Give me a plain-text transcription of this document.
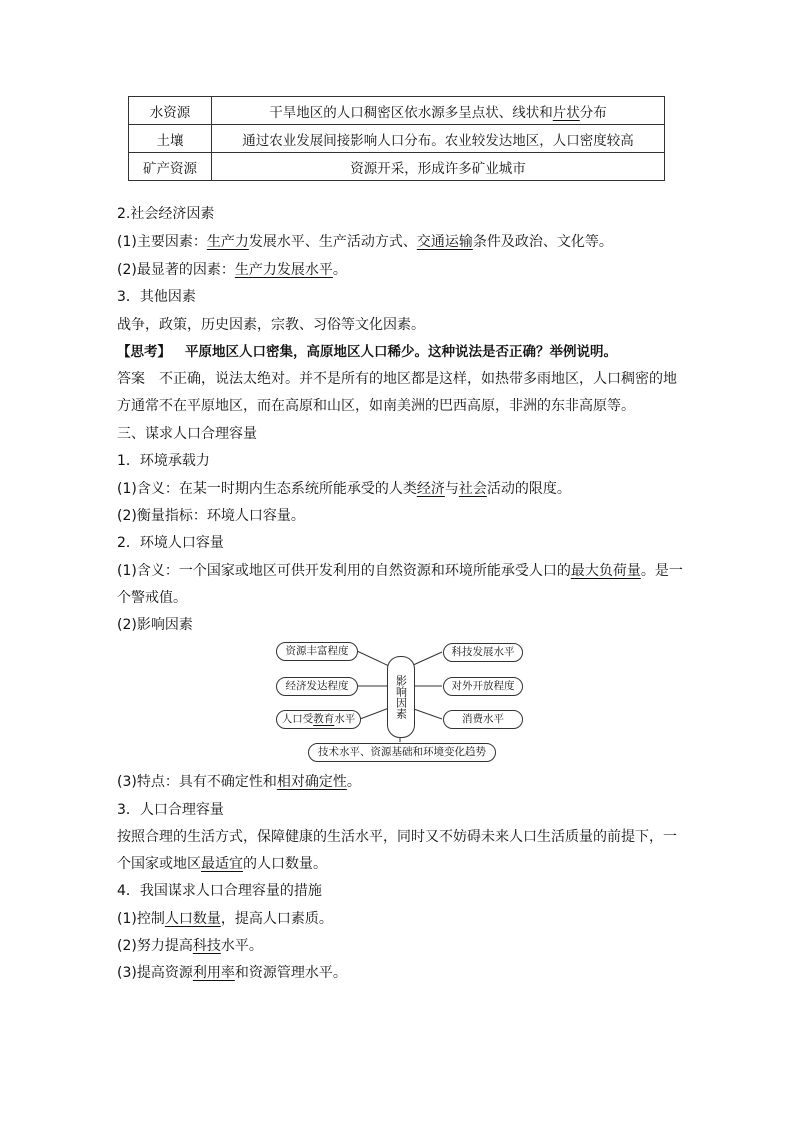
水资源	干旱地区的人口稠密区依水源多呈点状、线状和片状分布
土壤	通过农业发展间接影响人口分布。农业较发达地区，人口密度较高
矿产资源	资源开采，形成许多矿业城市
2.社会经济因素
(1)主要因素：生产力发展水平、生产活动方式、交通运输条件及政治、文化等。
(2)最显著的因素：生产力发展水平。
3．其他因素
战争，政策，历史因素，宗教、习俗等文化因素。
【思考】 平原地区人口密集，高原地区人口稀少。这种说法是否正确？举例说明。
答案 不正确，说法太绝对。并不是所有的地区都是这样，如热带多雨地区，人口稠密的地
方通常不在平原地区，而在高原和山区，如南美洲的巴西高原，非洲的东非高原等。
三、谋求人口合理容量
1．环境承载力
(1)含义：在某一时期内生态系统所能承受的人类经济与社会活动的限度。
(2)衡量指标：环境人口容量。
2．环境人口容量
(1)含义：一个国家或地区可供开发利用的自然资源和环境所能承受人口的最大负荷量。是一
个警戒值。
(2)影响因素
资源丰富程度
经济发达程度
人口受教育水平	影响因素
科技发展水平
对外开放程度
消费水平
技术水平、资源基础和环境变化趋势
(3)特点：具有不确定性和相对确定性。
3．人口合理容量
按照合理的生活方式，保障健康的生活水平，同时又不妨碍未来人口生活质量的前提下，一
个国家或地区最适宜的人口数量。
4．我国谋求人口合理容量的措施
(1)控制人口数量，提高人口素质。
(2)努力提高科技水平。
(3)提高资源利用率和资源管理水平。
